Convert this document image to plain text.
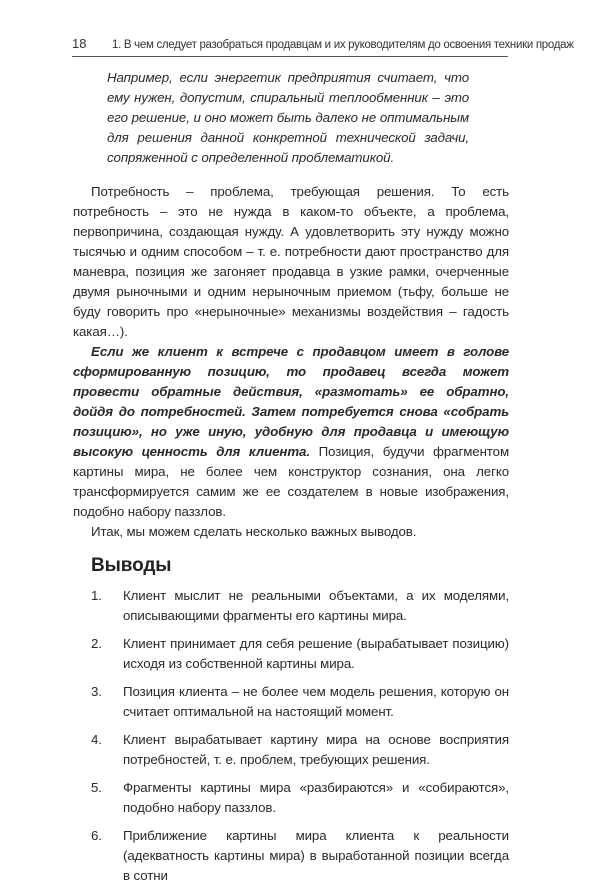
18 1. В чем следует разобраться продавцам и их руководителям до освоения техники продаж

Например, если энергетик предприятия считает, что ему нужен, допустим, спиральный теплообменник – это его решение, и оно может быть далеко не оптимальным для решения данной конкретной технической задачи, сопряженной с определенной проблематикой.

Потребность – проблема, требующая решения. То есть потребность – это не нужда в каком-то объекте, а проблема, первопричина, создающая нужду. А удовлетворить эту нужду можно тысячью и одним способом – т. е. потребности дают пространство для маневра, позиция же загоняет продавца в узкие рамки, очерченные двумя рыночными и одним нерыночным приемом (тьфу, больше не буду говорить про «нерыночные» механизмы воздействия – гадость какая…).

Если же клиент к встрече с продавцом имеет в голове сформированную позицию, то продавец всегда может провести обратные действия, «размотать» ее обратно, дойдя до потребностей. Затем потребуется снова «собрать позицию», но уже иную, удобную для продавца и имеющую высокую ценность для клиента. Позиция, будучи фрагментом картины мира, не более чем конструктор сознания, она легко трансформируется самим же ее создателем в новые изображения, подобно набору паззлов.

Итак, мы можем сделать несколько важных выводов.

Выводы
1.	Клиент мыслит не реальными объектами, а их моделями, описывающими фрагменты его картины мира.
2.	Клиент принимает для себя решение (вырабатывает позицию) исходя из собственной картины мира.
3.	Позиция клиента – не более чем модель решения, которую он считает оптимальной на настоящий момент.
4.	Клиент вырабатывает картину мира на основе восприятия потребностей, т. е. проблем, требующих решения.
5.	Фрагменты картины мира «разбираются» и «собираются», подобно набору паззлов.
6.	Приближение картины мира клиента к реальности (адекватность картины мира) в выработанной позиции всегда в сотни
